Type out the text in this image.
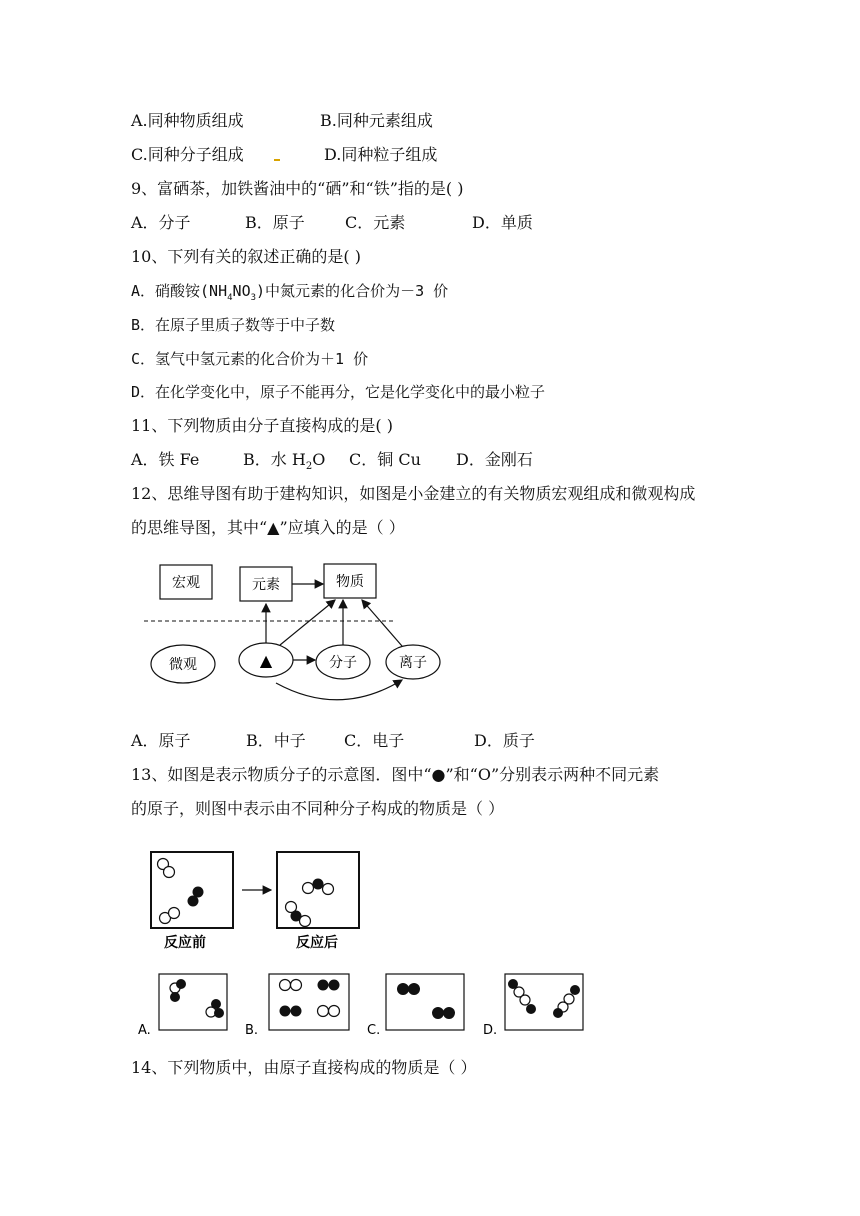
A.同种物质组成	B.同种元素组成
C.同种分子组成	D.同种粒子组成
9、富硒茶，加铁酱油中的“硒”和“铁”指的是( )
A．分子	B．原子	C．元素	D．单质
10、下列有关的叙述正确的是( )
A．硝酸铵$(NH_4NO_3)$中氮元素的化合价为－3 价
B．在原子里质子数等于中子数
C．氢气中氢元素的化合价为＋1 价
D．在化学变化中，原子不能再分，它是化学变化中的最小粒子
11、下列物质由分子直接构成的是( )
A．铁 Fe	B．水 $H_2O$ C．铜 Cu D．金刚石
12、思维导图有助于建构知识，如图是小金建立的有关物质宏观组成和微观构成
的思维导图，其中“▲”应填入的是（ ）
宏观	元素	物质
微观	▲	分子	离子
A．原子	B．中子 C．电子	D．质子
13、如图是表示物质分子的示意图．图中“●”和“O”分别表示两种不同元素
的原子，则图中表示由不同种分子构成的物质是（ ）
反应前	反应后
A.	B.	C.	D.
14、下列物质中，由原子直接构成的物质是（ ）
